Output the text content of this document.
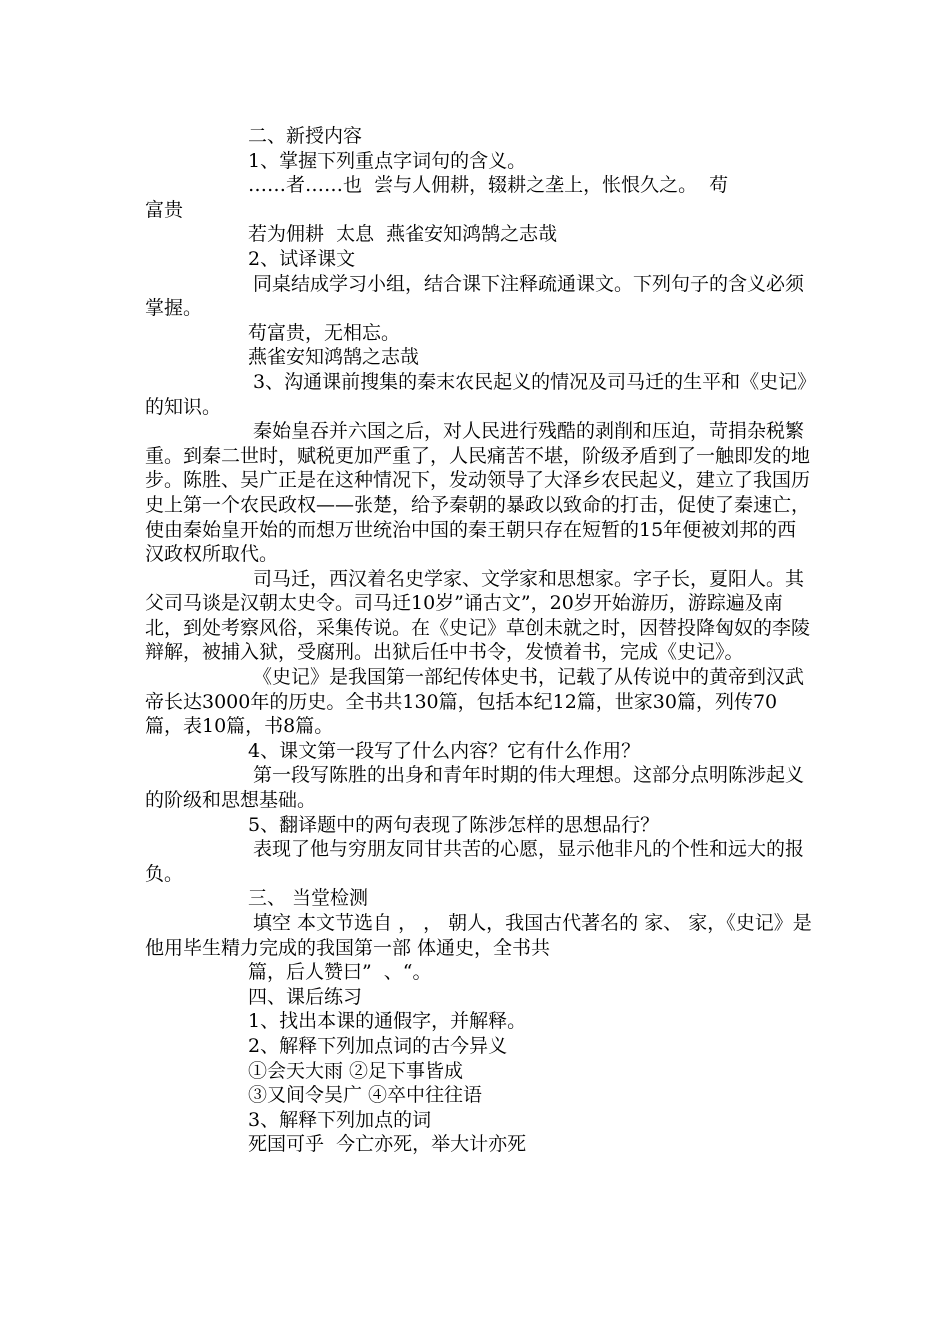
二、新授内容
1、掌握下列重点字词句的含义。
……者……也  尝与人佣耕，辍耕之垄上，怅恨久之。  苟
富贵
若为佣耕  太息  燕雀安知鸿鹄之志哉
2、试译课文
同桌结成学习小组，结合课下注释疏通课文。下列句子的含义必须掌握。
苟富贵，无相忘。
燕雀安知鸿鹄之志哉
3、沟通课前搜集的秦末农民起义的情况及司马迁的生平和《史记》的知识。
秦始皇吞并六国之后，对人民进行残酷的剥削和压迫，苛捐杂税繁重。到秦二世时，赋税更加严重了，人民痛苦不堪，阶级矛盾到了一触即发的地步。陈胜、吴广正是在这种情况下，发动领导了大泽乡农民起义，建立了我国历史上第一个农民政权——张楚，给予秦朝的暴政以致命的打击，促使了秦速亡，使由秦始皇开始的而想万世统治中国的秦王朝只存在短暂的15年便被刘邦的西汉政权所取代。
司马迁，西汉着名史学家、文学家和思想家。字子长，夏阳人。其父司马谈是汉朝太史令。司马迁10岁”诵古文”，20岁开始游历，游踪遍及南北，到处考察风俗，采集传说。在《史记》草创未就之时，因替投降匈奴的李陵辩解，被捕入狱，受腐刑。出狱后任中书令，发愤着书，完成《史记》。
《史记》是我国第一部纪传体史书，记载了从传说中的黄帝到汉武帝长达3000年的历史。全书共130篇，包括本纪12篇，世家30篇，列传70篇，表10篇，书8篇。
4、课文第一段写了什么内容？它有什么作用？
第一段写陈胜的出身和青年时期的伟大理想。这部分点明陈涉起义的阶级和思想基础。
5、翻译题中的两句表现了陈涉怎样的思想品行？
表现了他与穷朋友同甘共苦的心愿，显示他非凡的个性和远大的报负。
三、 当堂检测
填空 本文节选自 ， ， 朝人，我国古代著名的 家、 家，《史记》是他用毕生精力完成的我国第一部 体通史，全书共
篇，后人赞曰”  、“。
四、课后练习
1、找出本课的通假字，并解释。
2、解释下列加点词的古今异义
①会天大雨 ②足下事皆成
③又间令吴广 ④卒中往往语
3、解释下列加点的词
死国可乎  今亡亦死，举大计亦死
